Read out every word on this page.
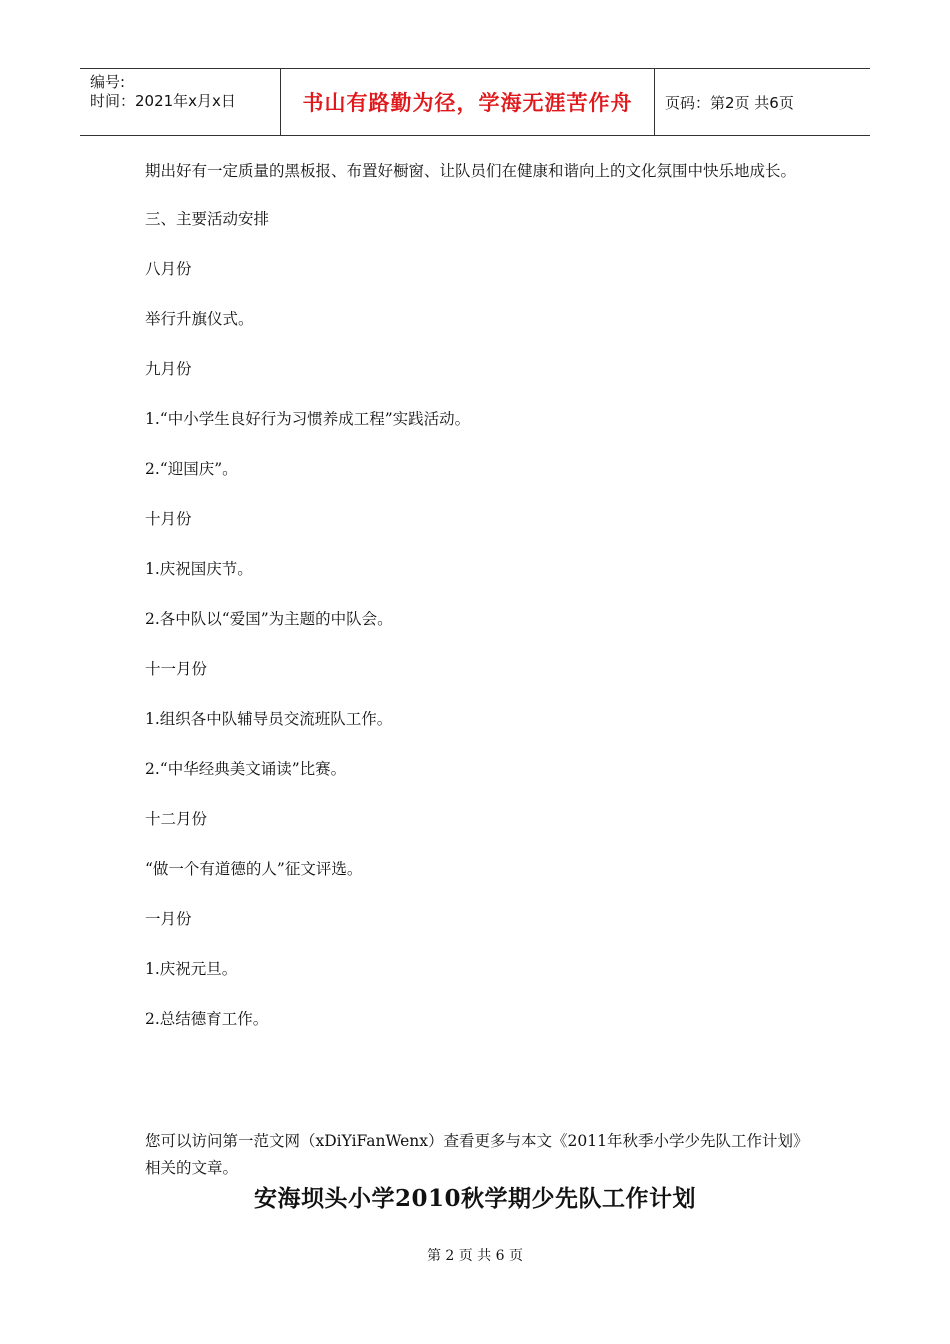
编号:
时间：2021年x月x日	书山有路勤为径，学海无涯苦作舟 页码：第2页 共6页

期出好有一定质量的黑板报、布置好橱窗、让队员们在健康和谐向上的文化氛围中快乐地成长。

三、主要活动安排

八月份

举行升旗仪式。

九月份

1.“中小学生良好行为习惯养成工程”实践活动。

2.“迎国庆”。

十月份

1.庆祝国庆节。

2.各中队以“爱国”为主题的中队会。

十一月份

1.组织各中队辅导员交流班队工作。

2.“中华经典美文诵读”比赛。

十二月份

“做一个有道德的人”征文评选。

一月份

1.庆祝元旦。

2.总结德育工作。

您可以访问第一范文网（xDiYiFanWenx）查看更多与本文《2011年秋季小学少先队工作计划》相关的文章。
安海坝头小学2010秋学期少先队工作计划
第 2 页 共 6 页
